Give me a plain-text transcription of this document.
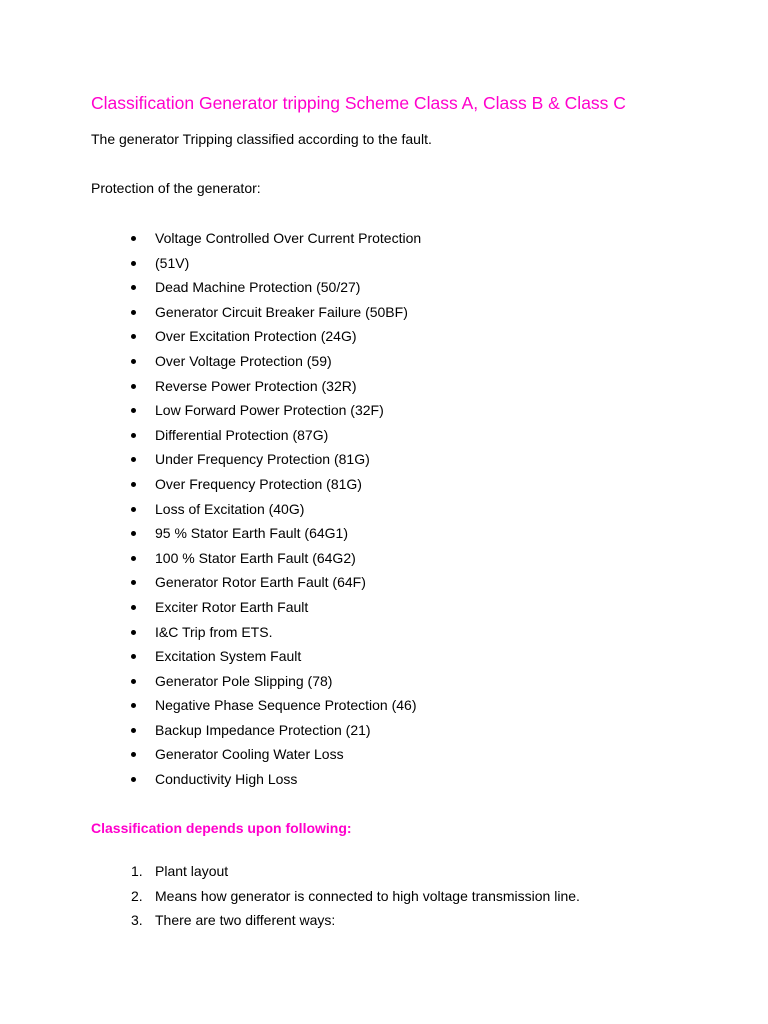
Classification Generator tripping Scheme Class A, Class B & Class C
The generator Tripping classified according to the fault.
Protection of the generator:
Voltage Controlled Over Current Protection
(51V)
Dead Machine Protection (50/27)
Generator Circuit Breaker Failure (50BF)
Over Excitation Protection (24G)
Over Voltage Protection (59)
Reverse Power Protection (32R)
Low Forward Power Protection (32F)
Differential Protection (87G)
Under Frequency Protection (81G)
Over Frequency Protection (81G)
Loss of Excitation (40G)
95 % Stator Earth Fault (64G1)
100 % Stator Earth Fault (64G2)
Generator Rotor Earth Fault (64F)
Exciter Rotor Earth Fault
I&C Trip from ETS.
Excitation System Fault
Generator Pole Slipping (78)
Negative Phase Sequence Protection (46)
Backup Impedance Protection (21)
Generator Cooling Water Loss
Conductivity High Loss
Classification depends upon following:
1. Plant layout
2. Means how generator is connected to high voltage transmission line.
3. There are two different ways:
